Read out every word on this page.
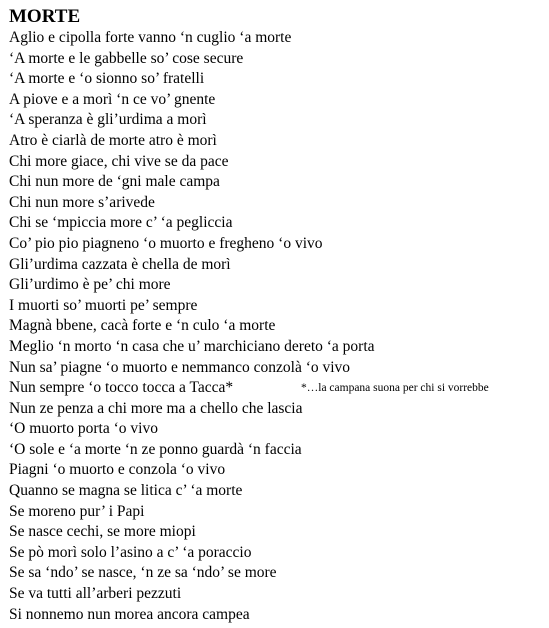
MORTE
Aglio e cipolla forte vanno ‘n cuglio ‘a morte
‘A morte e le gabbelle so’ cose secure
‘A morte e ‘o sionno so’ fratelli
A piove e a morì ‘n ce vo’ gnente
‘A speranza è gli’urdima a morì
Atro è ciarlà de morte atro è morì
Chi more giace, chi vive se da pace
Chi nun more de ‘gni male campa
Chi nun more s’arivede
Chi se ‘mpiccia more c’ ‘a pegliccia
Co’ pio pio piagneno ‘o muorto e fregheno ‘o vivo
Gli’urdima cazzata è chella de morì
Gli’urdimo è pe’ chi more
I muorti so’ muorti pe’ sempre
Magnà bbene, cacà forte e ‘n culo ‘a morte
Meglio ‘n morto ‘n casa che u’ marchiciano dereto ‘a porta
Nun sa’ piagne ‘o muorto e nemmanco conzolà ‘o vivo
Nun sempre ‘o tocco tocca a Tacca*	*…la campana suona per chi si vorrebbe
Nun ze penza a chi more ma a chello che lascia
‘O muorto porta ‘o vivo
‘O sole e ‘a morte ‘n ze ponno guardà ‘n faccia
Piagni ‘o muorto e conzola ‘o vivo
Quanno se magna se litica c’ ‘a morte
Se moreno pur’ i Papi
Se nasce cechi, se more miopi
Se pò morì solo l’asino a c’ ‘a poraccio
Se sa ‘ndo’ se nasce, ‘n ze sa ‘ndo’ se more
Se va tutti all’arberi pezzuti
Si nonnemo nun morea ancora campea
